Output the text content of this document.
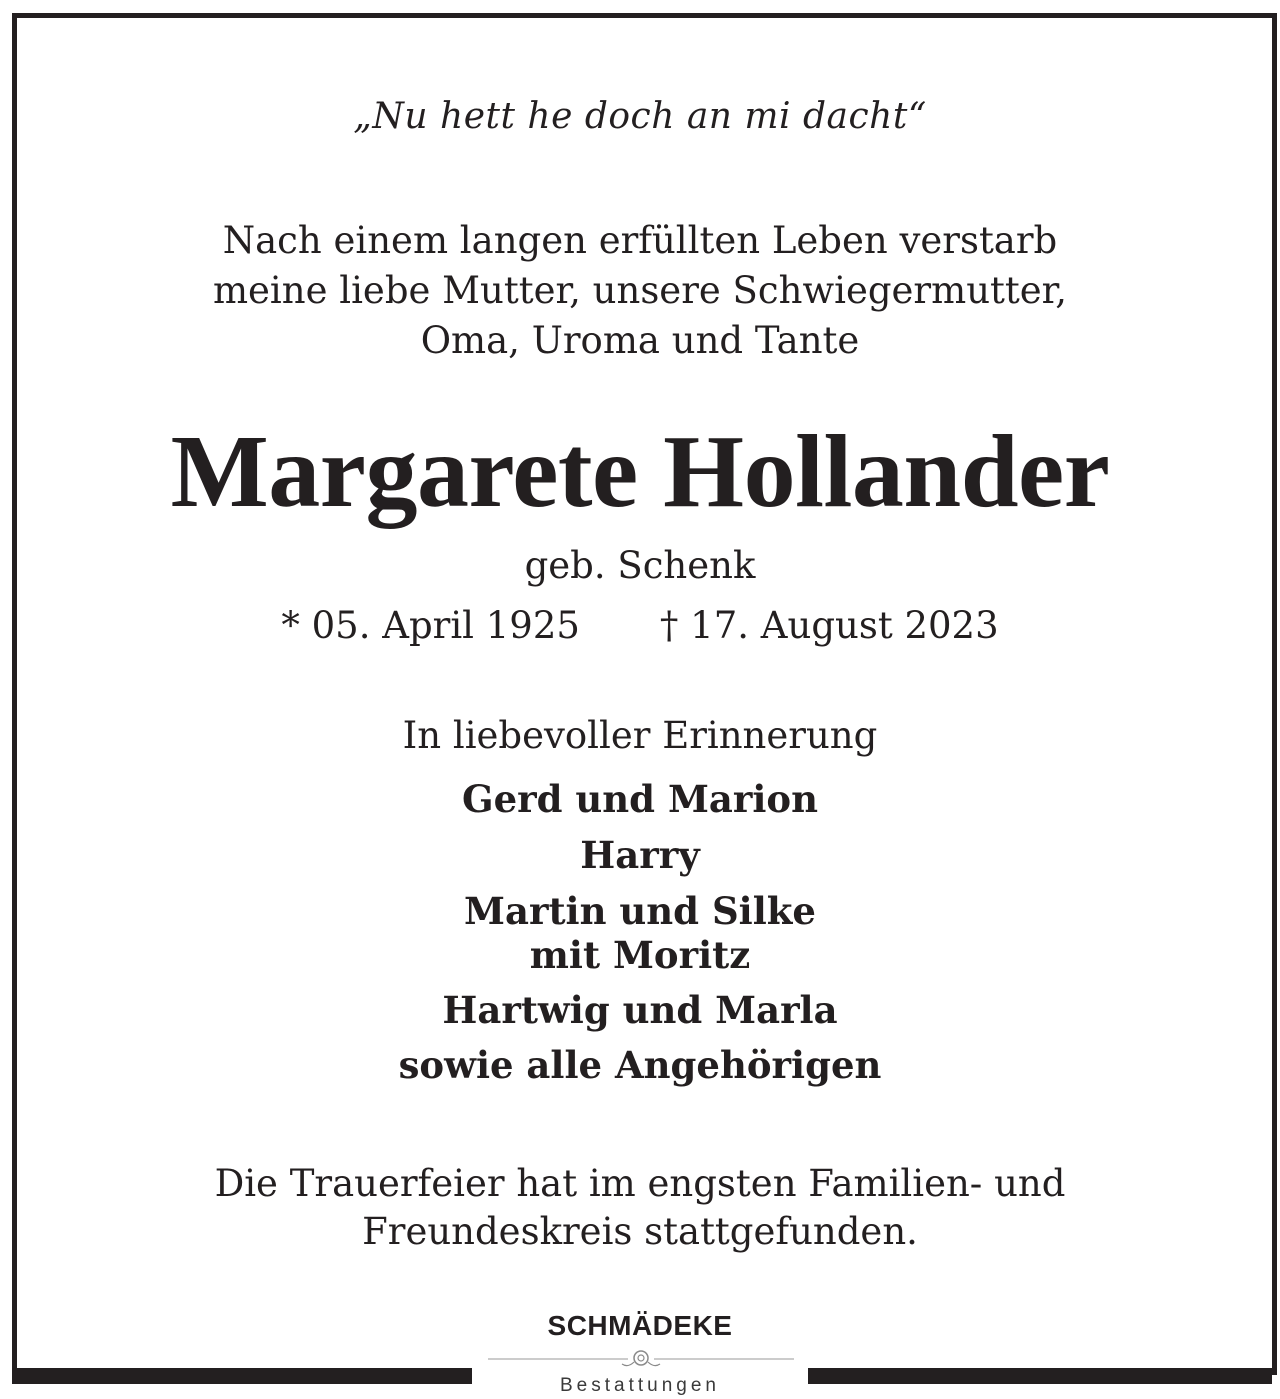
„Nu hett he doch an mi dacht“
Nach einem langen erfüllten Leben verstarb
meine liebe Mutter, unsere Schwiegermutter,
Oma, Uroma und Tante
Margarete Hollander
geb. Schenk
* 05. April 1925 † 17. August 2023
In liebevoller Erinnerung
Gerd und Marion
Harry
Martin und Silke
mit Moritz
Hartwig und Marla
sowie alle Angehörigen
Die Trauerfeier hat im engsten Familien- und
Freundeskreis stattgefunden.
SCHMÄDEKE
Bestattungen
